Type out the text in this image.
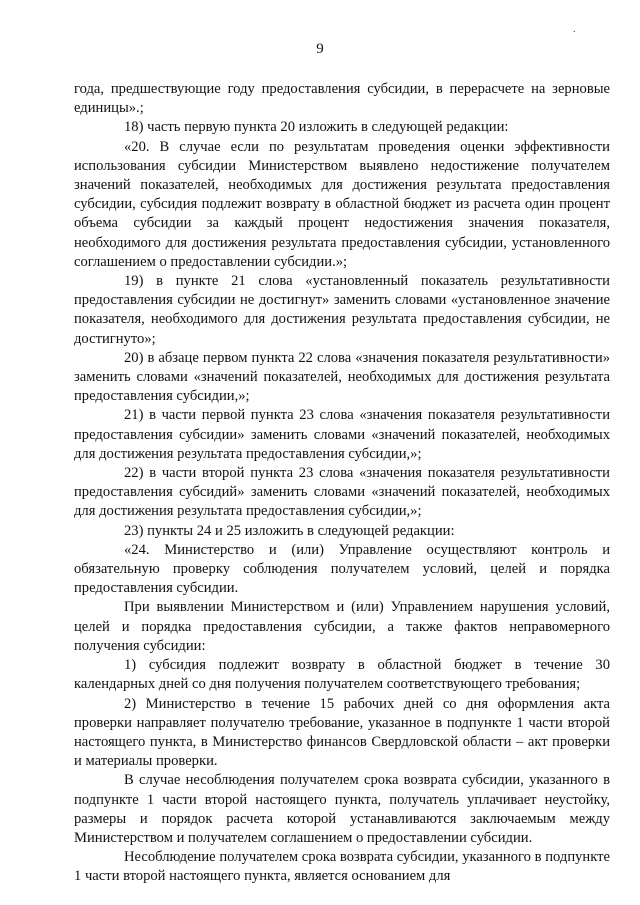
.
9

года, предшествующие году предоставления субсидии, в перерасчете на зерновые единицы».;

18) часть первую пункта 20 изложить в следующей редакции:

«20. В случае если по результатам проведения оценки эффективности использования субсидии Министерством выявлено недостижение получателем значений показателей, необходимых для достижения результата предоставления субсидии, субсидия подлежит возврату в областной бюджет из расчета один процент объема субсидии за каждый процент недостижения значения показателя, необходимого для достижения результата предоставления субсидии, установленного соглашением о предоставлении субсидии.»;

19) в пункте 21 слова «установленный показатель результативности предоставления субсидии не достигнут» заменить словами «установленное значение показателя, необходимого для достижения результата предоставления субсидии, не достигнуто»;

20) в абзаце первом пункта 22 слова «значения показателя результативности» заменить словами «значений показателей, необходимых для достижения результата предоставления субсидии,»;

21) в части первой пункта 23 слова «значения показателя результативности предоставления субсидии» заменить словами «значений показателей, необходимых для достижения результата предоставления субсидии,»;

22) в части второй пункта 23 слова «значения показателя результативности предоставления субсидий» заменить словами «значений показателей, необходимых для достижения результата предоставления субсидии,»;

23) пункты 24 и 25 изложить в следующей редакции:

«24. Министерство и (или) Управление осуществляют контроль и обязательную проверку соблюдения получателем условий, целей и порядка предоставления субсидии.

При выявлении Министерством и (или) Управлением нарушения условий, целей и порядка предоставления субсидии, а также фактов неправомерного получения субсидии:

1) субсидия подлежит возврату в областной бюджет в течение 30 календарных дней со дня получения получателем соответствующего требования;

2) Министерство в течение 15 рабочих дней со дня оформления акта проверки направляет получателю требование, указанное в подпункте 1 части второй настоящего пункта, в Министерство финансов Свердловской области – акт проверки и материалы проверки.

В случае несоблюдения получателем срока возврата субсидии, указанного в подпункте 1 части второй настоящего пункта, получатель уплачивает неустойку, размеры и порядок расчета которой устанавливаются заключаемым между Министерством и получателем соглашением о предоставлении субсидии.

Несоблюдение получателем срока возврата субсидии, указанного в подпункте 1 части второй настоящего пункта, является основанием для
